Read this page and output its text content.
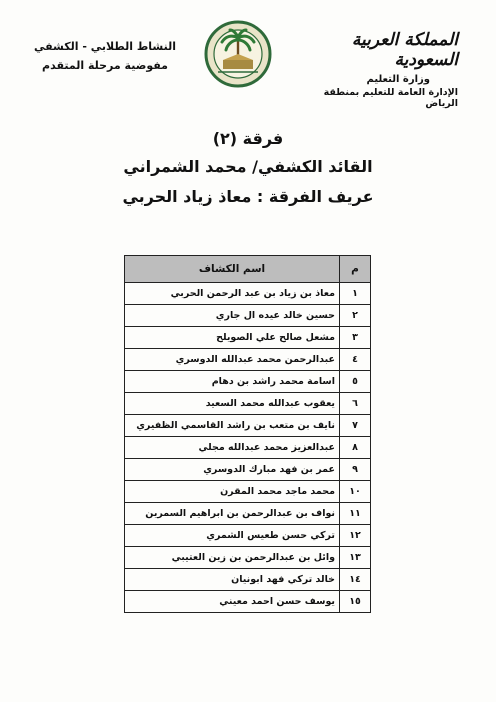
المملكة العربية السعودية
وزارة التعليم
الإدارة العامة للتعليم بمنطقة الرياض
النشاط الطلابي - الكشفي
مفوضية مرحلة المتقدم
فرقة (٢)
القائد الكشفي/ محمد الشمراني
عريف الفرقة : معاذ زياد الحربي
م	اسم الكشاف
١	معاذ بن زياد بن عبد الرحمن الحربي
٢	حسين خالد عيده ال جاري
٣	مشعل صالح علي الصويلح
٤	عبدالرحمن محمد عبدالله الدوسري
٥	اسامة محمد راشد بن دهام
٦	يعقوب عبدالله محمد السعيد
٧	نايف بن متعب بن راشد القاسمي الظفيري
٨	عبدالعزيز محمد عبدالله مجلي
٩	عمر بن فهد مبارك الدوسري
١٠	محمد ماجد محمد المقرن
١١	نواف بن عبدالرحمن بن ابراهيم السمرين
١٢	تركي حسن طعيس الشمري
١٣	وائل بن عبدالرحمن بن زين العتيبي
١٤	خالد تركي فهد ابونيان
١٥	يوسف حسن احمد معيني
